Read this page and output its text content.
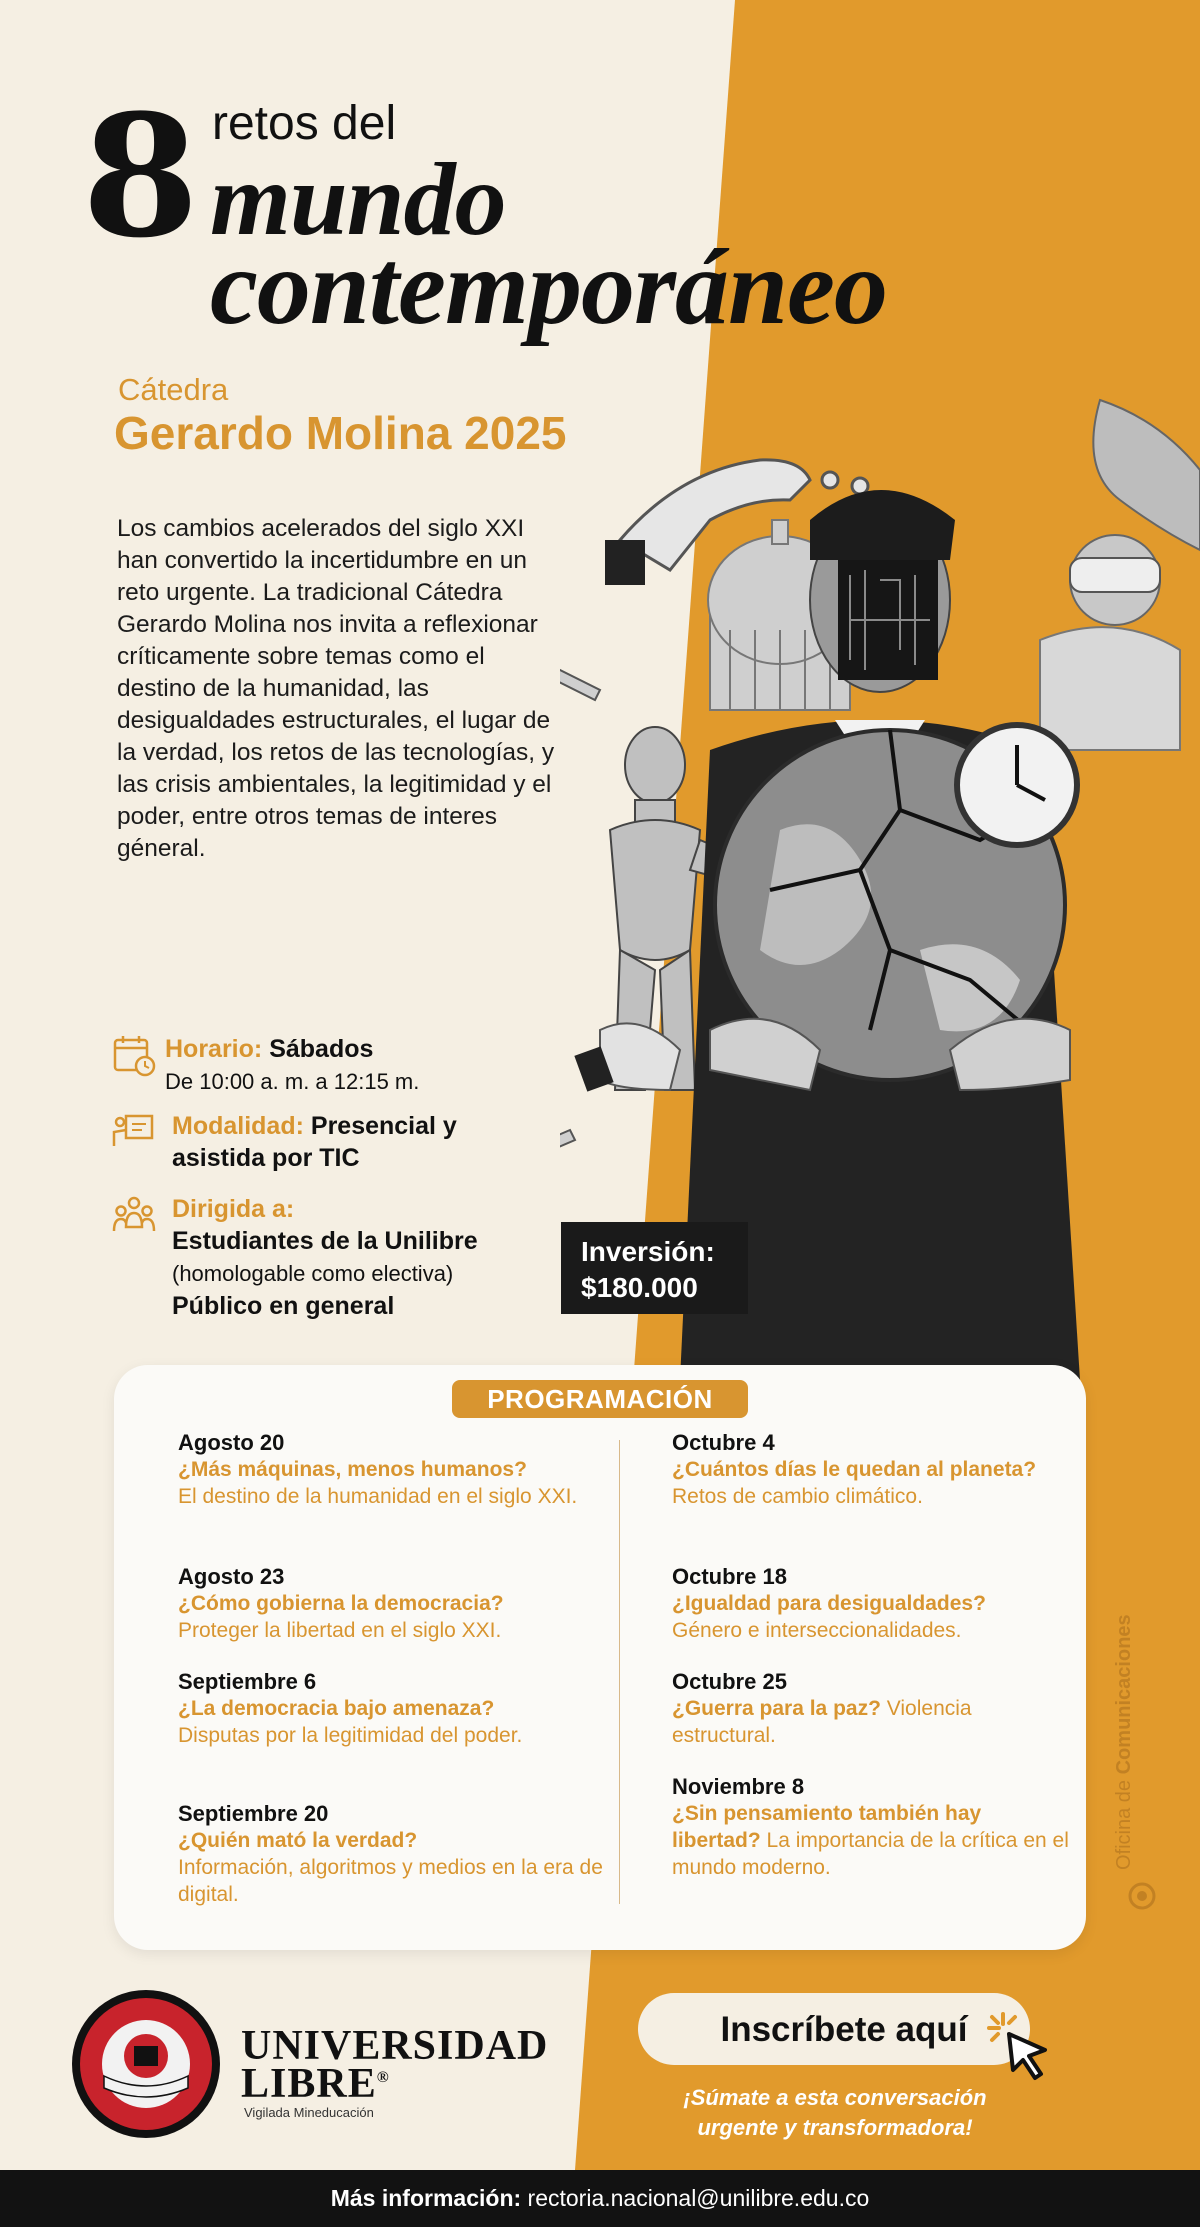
8 retos del
mundo
contemporáneo
Cátedra
Gerardo Molina 2025
Los cambios acelerados del siglo XXI han convertido la incertidumbre en un reto urgente. La tradicional Cátedra Gerardo Molina nos invita a reflexionar críticamente sobre temas como el destino de la humanidad, las desigualdades estructurales, el lugar de la verdad, los retos de las tecnologías, y las crisis ambientales, la legitimidad y el poder, entre otros temas de interes géneral.
Horario: Sábados
De 10:00 a. m. a 12:15 m.
Modalidad: Presencial y
asistida por TIC
Dirigida a:
Estudiantes de la Unilibre
(homologable como electiva)
Público en general
Inversión:
$180.000
PROGRAMACIÓN
Agosto 20
¿Más máquinas, menos humanos?
El destino de la humanidad en el siglo XXI.
Agosto 23
¿Cómo gobierna la democracia?
Proteger la libertad en el siglo XXI.
Septiembre 6
¿La democracia bajo amenaza?
Disputas por la legitimidad del poder.
Septiembre 20
¿Quién mató la verdad?
Información, algoritmos y medios en la era de digital.
Octubre 4
¿Cuántos días le quedan al planeta? Retos de cambio climático.
Octubre 18
¿Igualdad para desigualdades?
Género e interseccionalidades.
Octubre 25
¿Guerra para la paz? Violencia estructural.
Noviembre 8
¿Sin pensamiento también hay libertad? La importancia de la crítica en el mundo moderno.
UNIVERSIDAD
LIBRE®
Vigilada Mineducación
Inscríbete aquí
¡Súmate a esta conversación
urgente y transformadora!
Oficina de Comunicaciones
Más información: rectoria.nacional@unilibre.edu.co
